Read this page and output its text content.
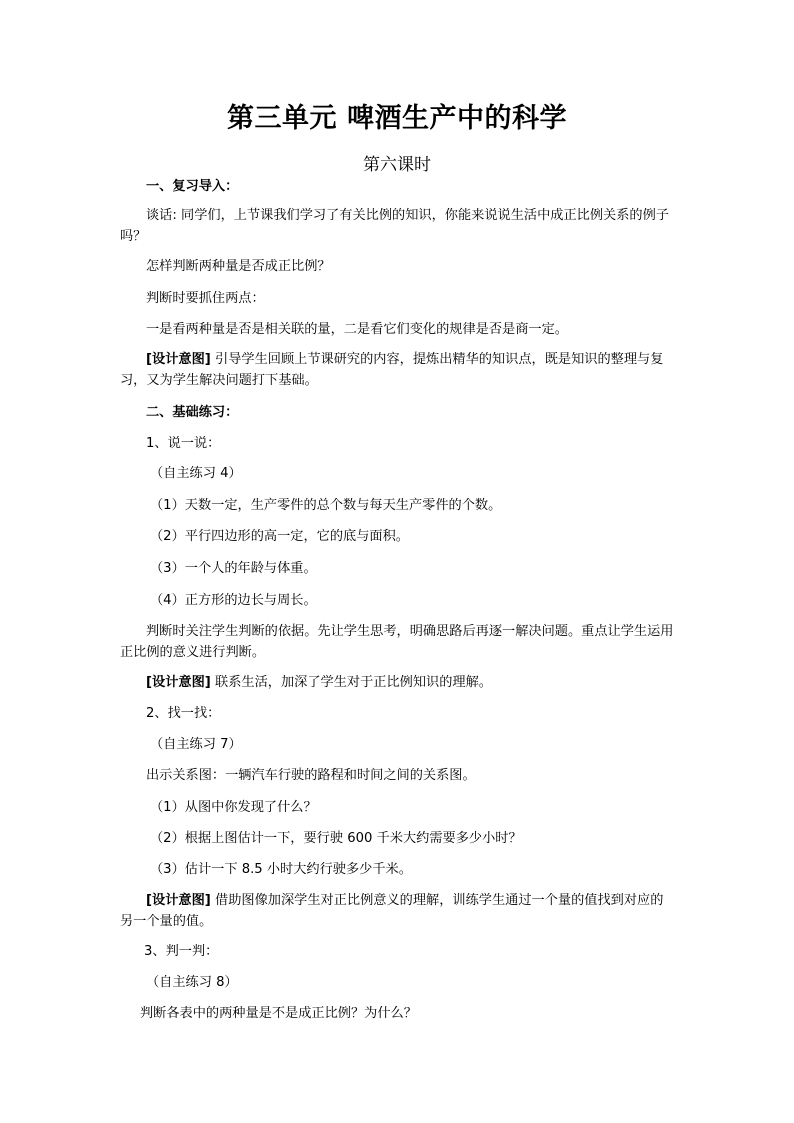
第三单元 啤酒生产中的科学
第六课时
一、复习导入：
谈话: 同学们，上节课我们学习了有关比例的知识，你能来说说生活中成正比例关系的例子吗？
怎样判断两种量是否成正比例？
判断时要抓住两点：
一是看两种量是否是相关联的量，二是看它们变化的规律是否是商一定。
[设计意图] 引导学生回顾上节课研究的内容，提炼出精华的知识点，既是知识的整理与复习，又为学生解决问题打下基础。
二、基础练习：
1、说一说：
（自主练习 4）
（1）天数一定，生产零件的总个数与每天生产零件的个数。
（2）平行四边形的高一定，它的底与面积。
（3）一个人的年龄与体重。
（4）正方形的边长与周长。
判断时关注学生判断的依据。先让学生思考，明确思路后再逐一解决问题。重点让学生运用正比例的意义进行判断。
[设计意图] 联系生活，加深了学生对于正比例知识的理解。
2、找一找：
（自主练习 7）
出示关系图：一辆汽车行驶的路程和时间之间的关系图。
（1）从图中你发现了什么？
（2）根据上图估计一下，要行驶 600 千米大约需要多少小时？
（3）估计一下 8.5 小时大约行驶多少千米。
[设计意图] 借助图像加深学生对正比例意义的理解，训练学生通过一个量的值找到对应的另一个量的值。
3、判一判：
（自主练习 8）
判断各表中的两种量是不是成正比例？为什么？
